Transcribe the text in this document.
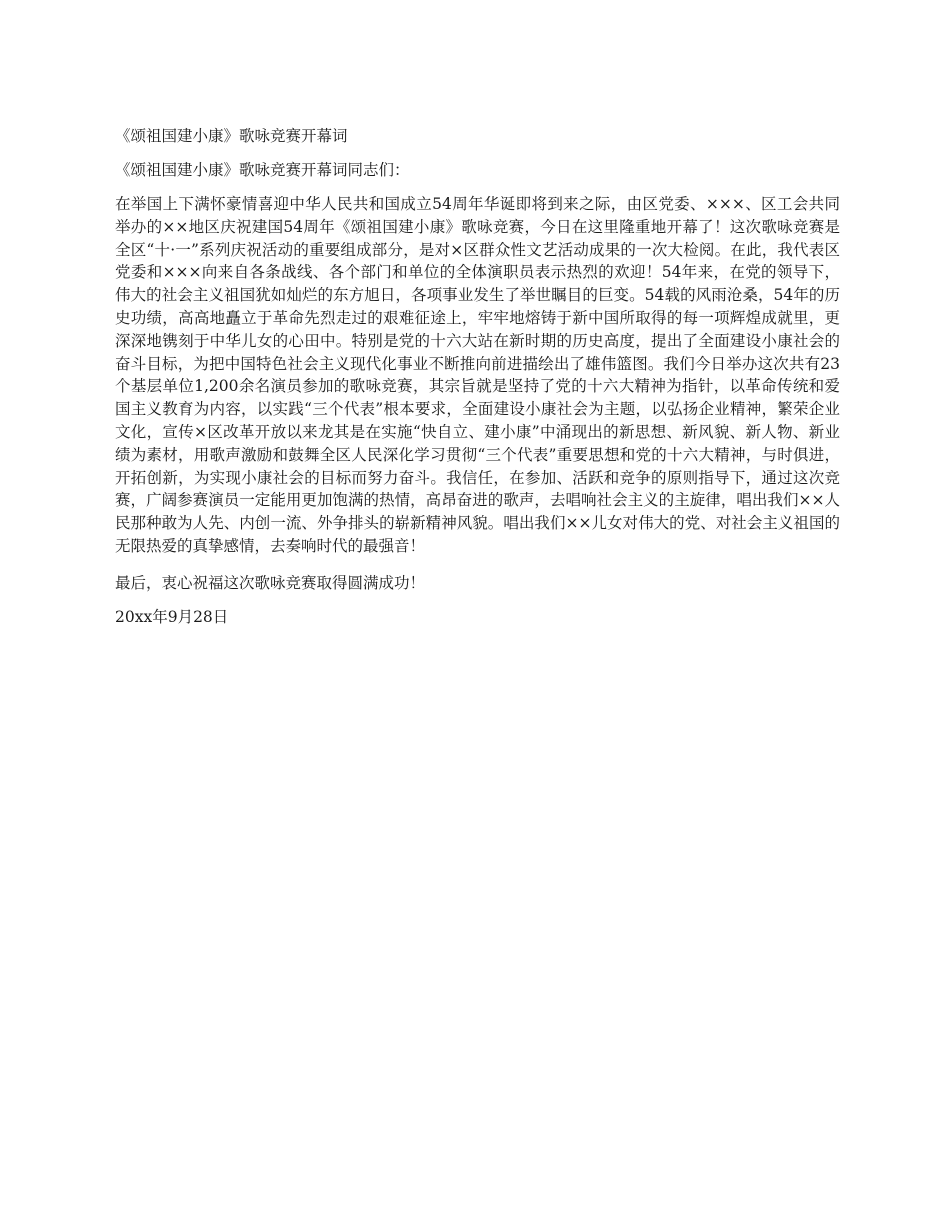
《颂祖国建小康》歌咏竞赛开幕词

《颂祖国建小康》歌咏竞赛开幕词同志们：

在举国上下满怀豪情喜迎中华人民共和国成立54周年华诞即将到来之际，由区党委、×××、区工会共同举办的××地区庆祝建国54周年《颂祖国建小康》歌咏竞赛，今日在这里隆重地开幕了！这次歌咏竞赛是全区“十·一”系列庆祝活动的重要组成部分，是对×区群众性文艺活动成果的一次大检阅。在此，我代表区党委和×××向来自各条战线、各个部门和单位的全体演职员表示热烈的欢迎！54年来，在党的领导下，伟大的社会主义祖国犹如灿烂的东方旭日，各项事业发生了举世瞩目的巨变。54载的风雨沧桑，54年的历史功绩，高高地矗立于革命先烈走过的艰难征途上，牢牢地熔铸于新中国所取得的每一项辉煌成就里，更深深地镌刻于中华儿女的心田中。特别是党的十六大站在新时期的历史高度，提出了全面建设小康社会的奋斗目标，为把中国特色社会主义现代化事业不断推向前进描绘出了雄伟篮图。我们今日举办这次共有23个基层单位1,200余名演员参加的歌咏竞赛，其宗旨就是坚持了党的十六大精神为指针，以革命传统和爱国主义教育为内容，以实践“三个代表”根本要求，全面建设小康社会为主题，以弘扬企业精神，繁荣企业文化，宣传×区改革开放以来龙其是在实施“快自立、建小康”中涌现出的新思想、新风貌、新人物、新业绩为素材，用歌声激励和鼓舞全区人民深化学习贯彻“三个代表”重要思想和党的十六大精神，与时俱进，开拓创新，为实现小康社会的目标而努力奋斗。我信任，在参加、活跃和竞争的原则指导下，通过这次竞赛，广阔参赛演员一定能用更加饱满的热情，高昂奋进的歌声，去唱响社会主义的主旋律，唱出我们××人民那种敢为人先、内创一流、外争排头的崭新精神风貌。唱出我们××儿女对伟大的党、对社会主义祖国的无限热爱的真挚感情，去奏响时代的最强音！

最后，衷心祝福这次歌咏竞赛取得圆满成功！

20xx年9月28日
